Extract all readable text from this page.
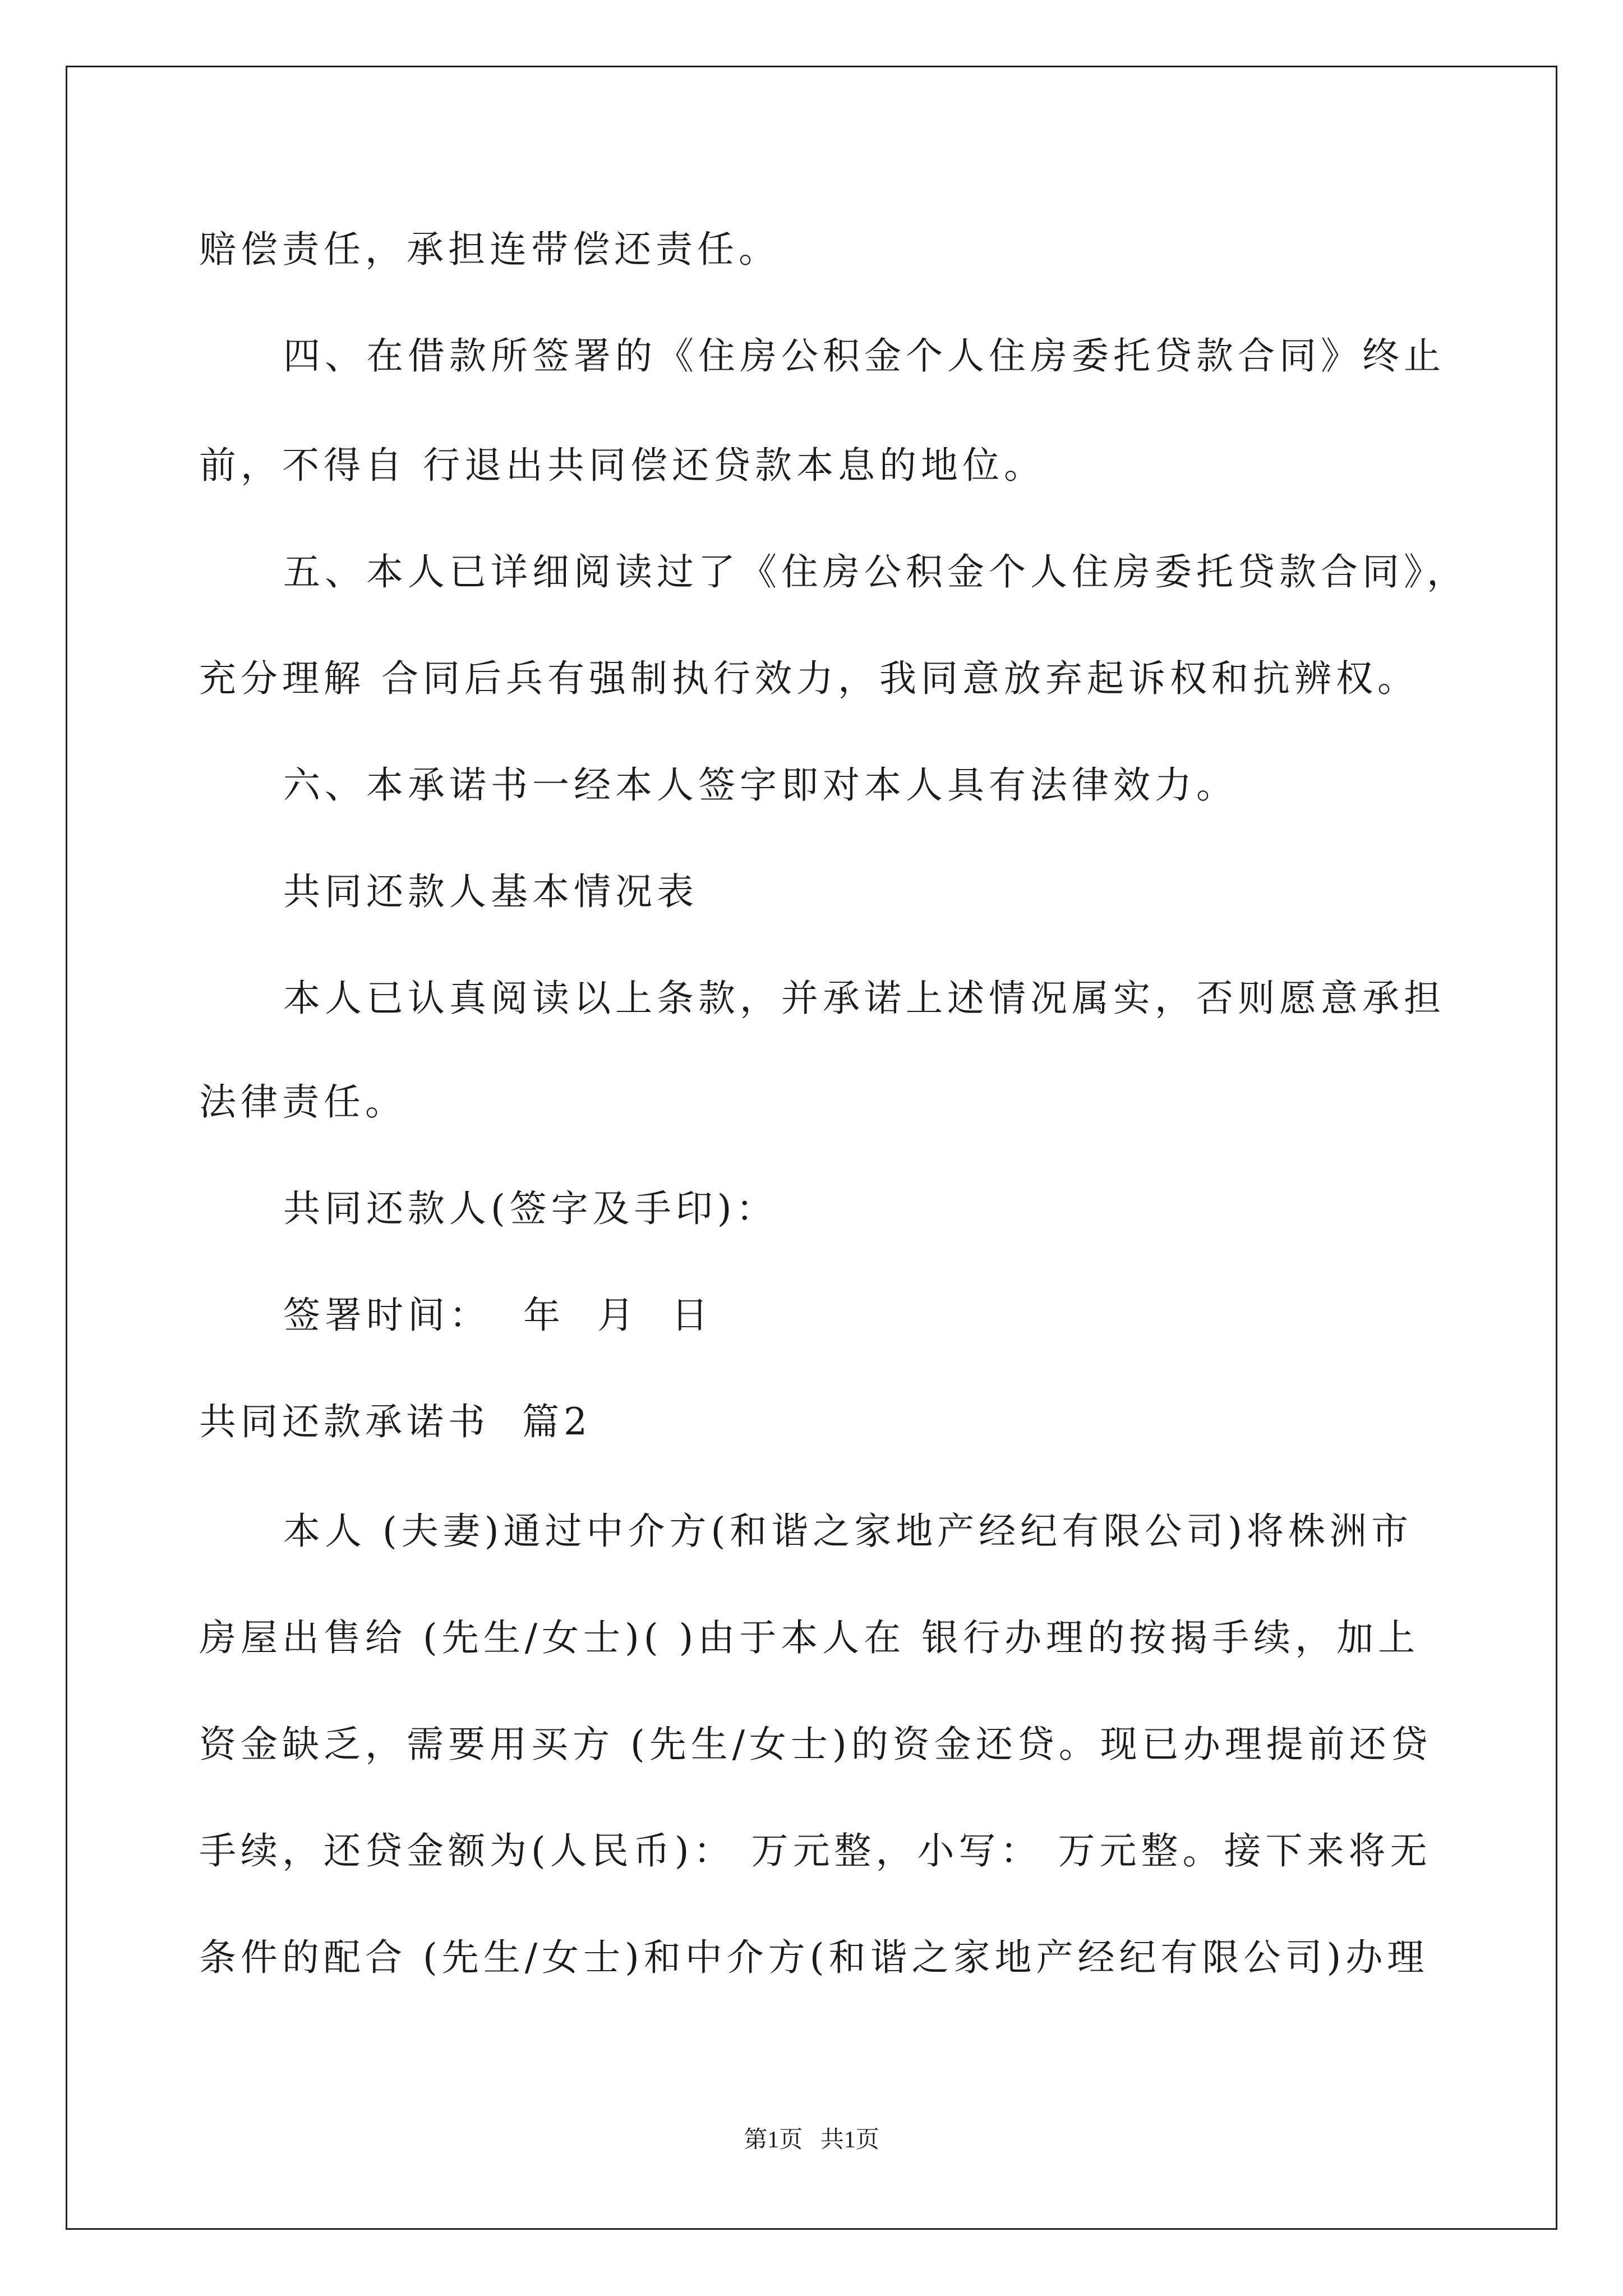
赔偿责任，承担连带偿还责任。
四、在借款所签署的《住房公积金个人住房委托贷款合同》终止
前，不得自 行退出共同偿还贷款本息的地位。
五、本人已详细阅读过了《住房公积金个人住房委托贷款合同》，
充分理解 合同后兵有强制执行效力，我同意放弃起诉权和抗辨权。
六、本承诺书一经本人签字即对本人具有法律效力。
共同还款人基本情况表
本人已认真阅读以上条款，并承诺上述情况属实，否则愿意承担
法律责任。
共同还款人(签字及手印)：
签署时间：  年  月  日
共同还款承诺书  篇2
本人 (夫妻)通过中介方(和谐之家地产经纪有限公司)将株洲市
房屋出售给 (先生/女士)( )由于本人在 银行办理的按揭手续，加上
资金缺乏，需要用买方 (先生/女士)的资金还贷。现已办理提前还贷
手续，还贷金额为(人民币)： 万元整，小写： 万元整。接下来将无
条件的配合 (先生/女士)和中介方(和谐之家地产经纪有限公司)办理
第1页   共1页
